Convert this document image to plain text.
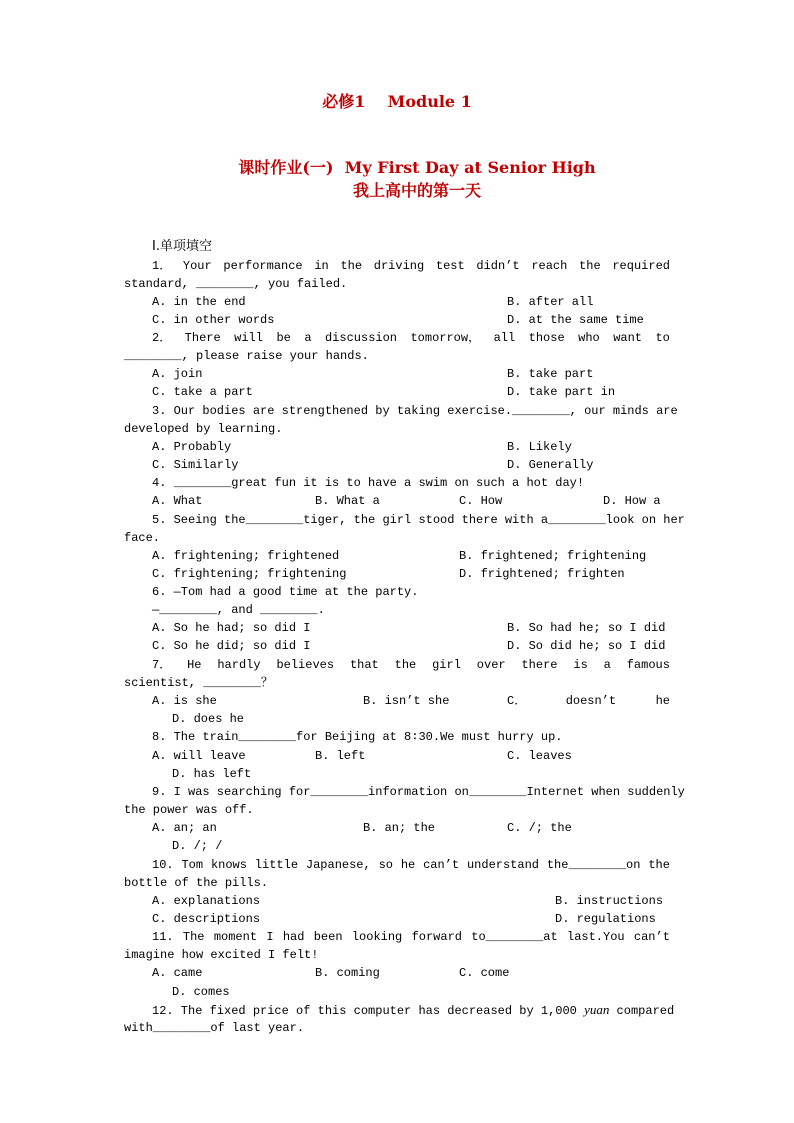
必修1    Module 1
课时作业(一)  My First Day at Senior High
我上高中的第一天
Ⅰ.单项填空
1． Your performance in the driving test didn’t reach the required
standard, ________, you failed.
A. in the end	B. after all
C. in other words	D. at the same time
2． There will be a discussion tomorrow， all those who want to
________, please raise your hands.
A. join	B. take part
C. take a part	D. take part in
3. Our bodies are strengthened by taking exercise.________, our minds are
developed by learning.
A. Probably	B. Likely
C. Similarly	D. Generally
4. ________great fun it is to have a swim on such a hot day!
A. What	B. What a	C. How	D. How a
5. Seeing the________tiger, the girl stood there with a________look on her
face.
A. frightening; frightened	B. frightened; frightening
C. frightening; frightening	D. frightened; frighten
6. —Tom had a good time at the party.
—________, and ________.
A. So he had; so did I	B. So had he; so I did
C. So he did; so did I	D. So did he; so I did
7． He hardly believes that the girl over there is a famous
scientist, ________？
A. is she	B. isn’t she	C．	doesn’t	he
D. does he
8. The train________for Beijing at 8∶30.We must hurry up.
A. will leave	B. left	C. leaves
D. has left
9. I was searching for________information on________Internet when suddenly
the power was off.
A. an; an	B. an; the	C. /; the
D. /; /
10. Tom knows little Japanese, so he can’t understand the________on the
bottle of the pills.
A. explanations	B. instructions
C. descriptions	D. regulations
11. The moment I had been looking forward to________at last.You can’t
imagine how excited I felt!
A. came	B. coming	C. come
D. comes
12. The fixed price of this computer has decreased by 1,000 yuan compared
with________of last year.
